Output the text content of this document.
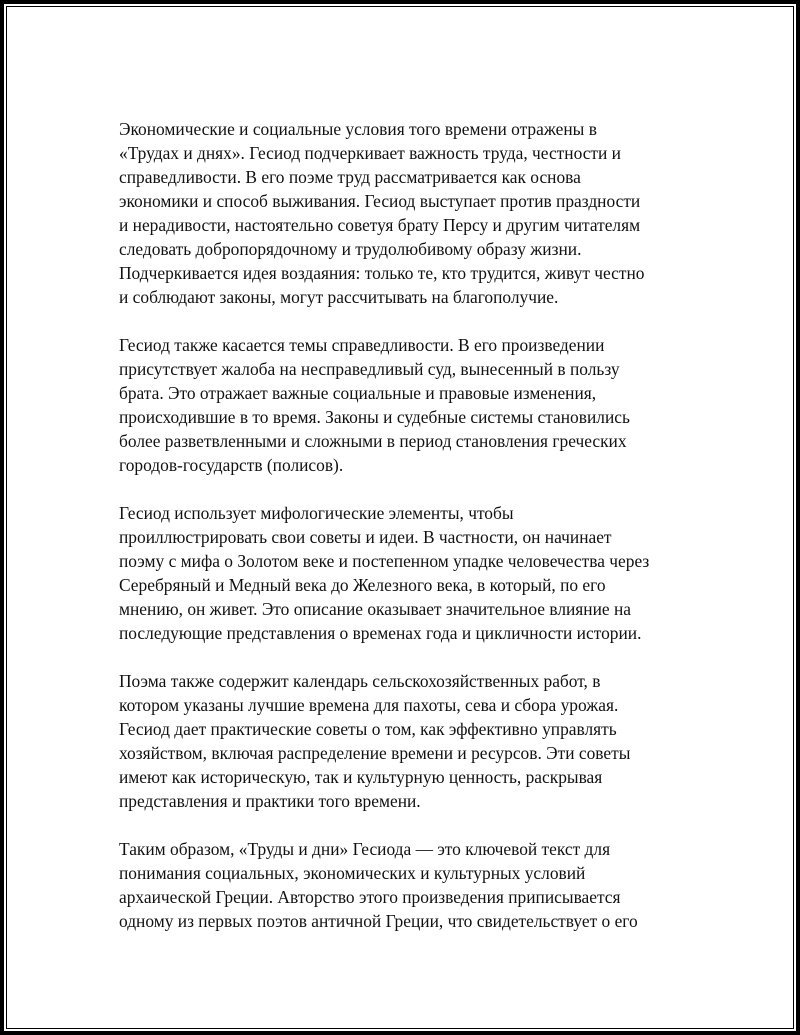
Экономические и социальные условия того времени отражены в
«Трудах и днях». Гесиод подчеркивает важность труда, честности и
справедливости. В его поэме труд рассматривается как основа
экономики и способ выживания. Гесиод выступает против праздности
и нерадивости, настоятельно советуя брату Персу и другим читателям
следовать добропорядочному и трудолюбивому образу жизни.
Подчеркивается идея воздаяния: только те, кто трудится, живут честно
и соблюдают законы, могут рассчитывать на благополучие.

Гесиод также касается темы справедливости. В его произведении
присутствует жалоба на несправедливый суд, вынесенный в пользу
брата. Это отражает важные социальные и правовые изменения,
происходившие в то время. Законы и судебные системы становились
более разветвленными и сложными в период становления греческих
городов-государств (полисов).

Гесиод использует мифологические элементы, чтобы
проиллюстрировать свои советы и идеи. В частности, он начинает
поэму с мифа о Золотом веке и постепенном упадке человечества через
Серебряный и Медный века до Железного века, в который, по его
мнению, он живет. Это описание оказывает значительное влияние на
последующие представления о временах года и цикличности истории.

Поэма также содержит календарь сельскохозяйственных работ, в
котором указаны лучшие времена для пахоты, сева и сбора урожая.
Гесиод дает практические советы о том, как эффективно управлять
хозяйством, включая распределение времени и ресурсов. Эти советы
имеют как историческую, так и культурную ценность, раскрывая
представления и практики того времени.

Таким образом, «Труды и дни» Гесиода — это ключевой текст для
понимания социальных, экономических и культурных условий
архаической Греции. Авторство этого произведения приписывается
одному из первых поэтов античной Греции, что свидетельствует о его
